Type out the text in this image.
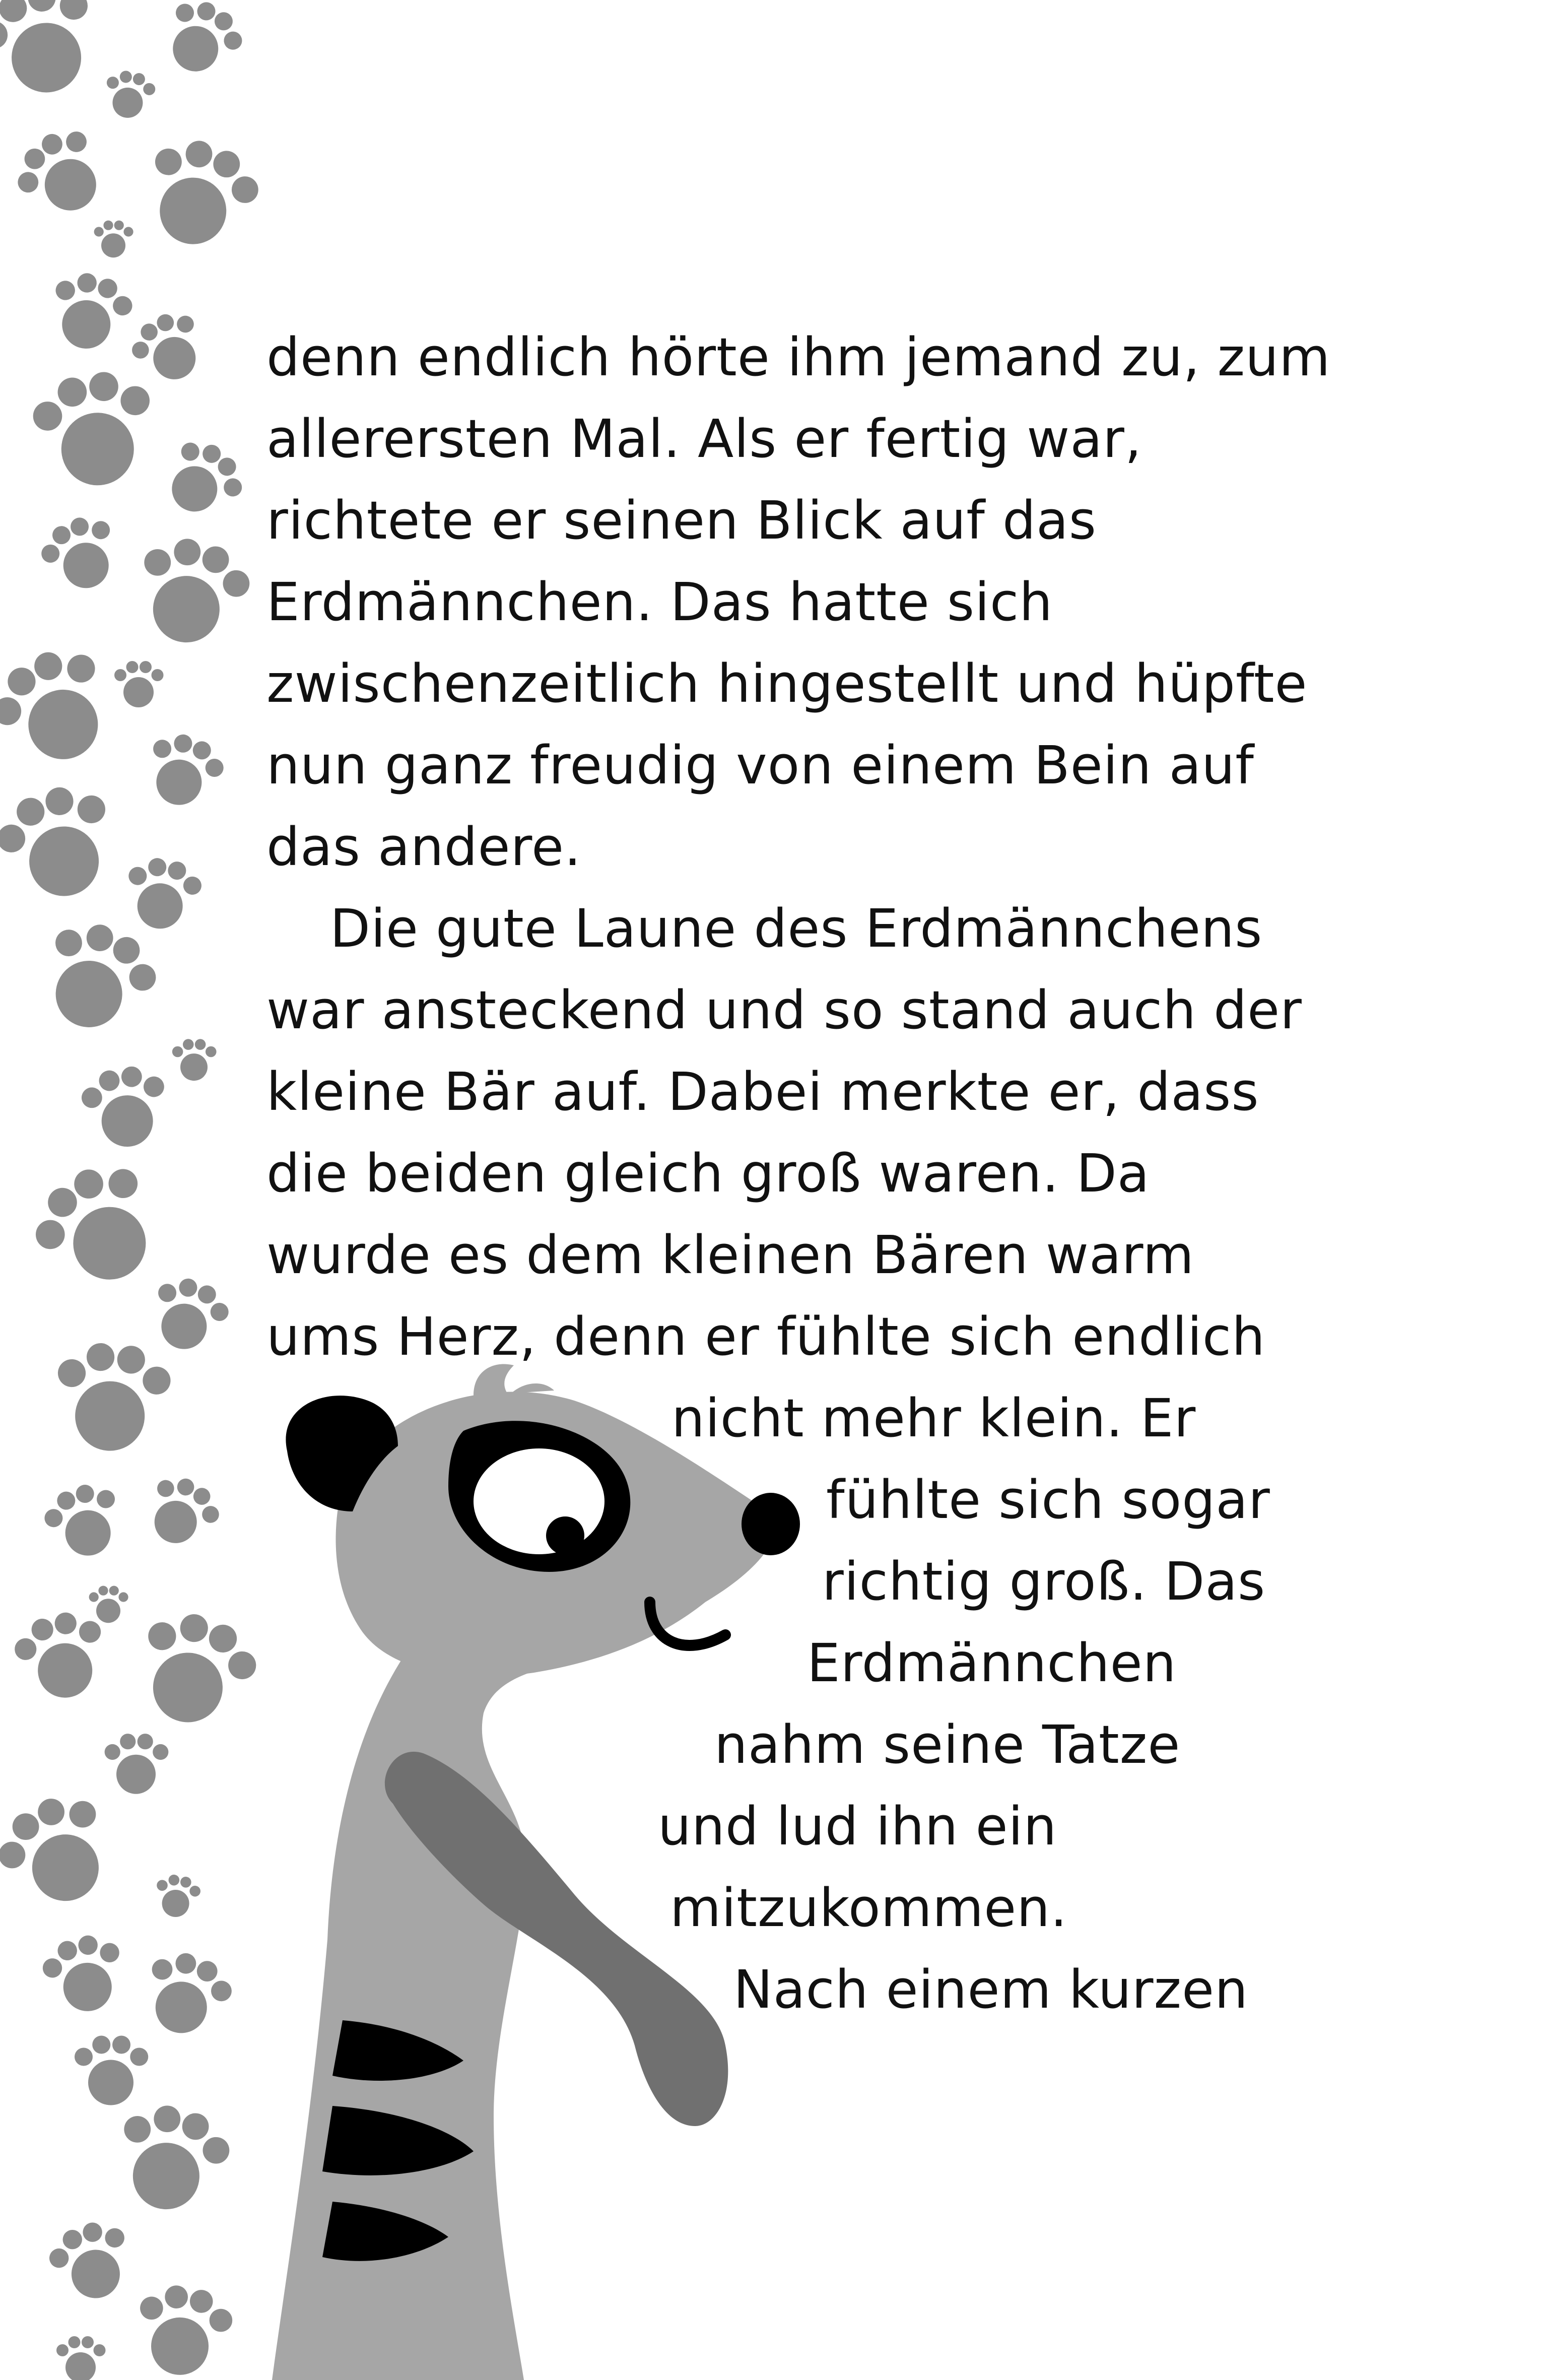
denn endlich hörte ihm jemand zu, zum
allerersten Mal. Als er fertig war,
richtete er seinen Blick auf das
Erdmännchen. Das hatte sich
zwischenzeitlich hingestellt und hüpfte
nun ganz freudig von einem Bein auf
das andere.
Die gute Laune des Erdmännchens
war ansteckend und so stand auch der
kleine Bär auf. Dabei merkte er, dass
die beiden gleich groß waren. Da
wurde es dem kleinen Bären warm
ums Herz, denn er fühlte sich endlich
nicht mehr klein. Er
fühlte sich sogar
richtig groß. Das
Erdmännchen
nahm seine Tatze
und lud ihn ein
mitzukommen.
Nach einem kurzen
